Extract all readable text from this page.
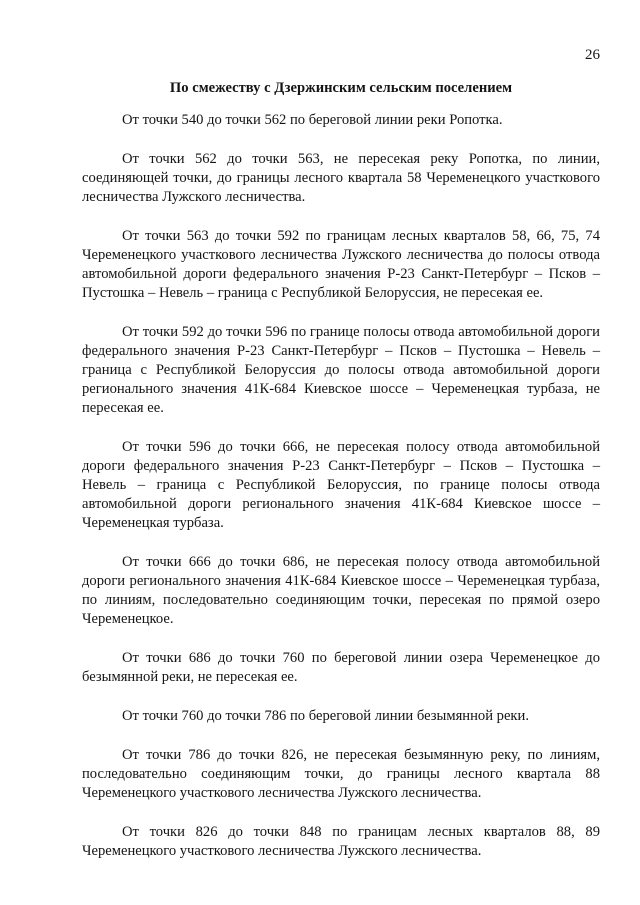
26
По смежеству с Дзержинским сельским поселением

От точки 540 до точки 562 по береговой линии реки Ропотка.

От точки 562 до точки 563, не пересекая реку Ропотка, по линии, соединяющей точки, до границы лесного квартала 58 Череменецкого участкового лесничества Лужского лесничества.

От точки 563 до точки 592 по границам лесных кварталов 58, 66, 75, 74 Череменецкого участкового лесничества Лужского лесничества до полосы отвода автомобильной дороги федерального значения Р-23 Санкт-Петербург – Псков – Пустошка – Невель – граница с Республикой Белоруссия, не пересекая ее.

От точки 592 до точки 596 по границе полосы отвода автомобильной дороги федерального значения Р-23 Санкт-Петербург – Псков – Пустошка – Невель – граница с Республикой Белоруссия до полосы отвода автомобильной дороги регионального значения 41К-684 Киевское шоссе – Череменецкая турбаза, не пересекая ее.

От точки 596 до точки 666, не пересекая полосу отвода автомобильной дороги федерального значения Р-23 Санкт-Петербург – Псков – Пустошка – Невель – граница с Республикой Белоруссия, по границе полосы отвода автомобильной дороги регионального значения 41К-684 Киевское шоссе – Череменецкая турбаза.

От точки 666 до точки 686, не пересекая полосу отвода автомобильной дороги регионального значения 41К-684 Киевское шоссе – Череменецкая турбаза, по линиям, последовательно соединяющим точки, пересекая по прямой озеро Череменецкое.

От точки 686 до точки 760 по береговой линии озера Череменецкое до безымянной реки, не пересекая ее.

От точки 760 до точки 786 по береговой линии безымянной реки.

От точки 786 до точки 826, не пересекая безымянную реку, по линиям, последовательно соединяющим точки, до границы лесного квартала 88 Череменецкого участкового лесничества Лужского лесничества.

От точки 826 до точки 848 по границам лесных кварталов 88, 89 Череменецкого участкового лесничества Лужского лесничества.
